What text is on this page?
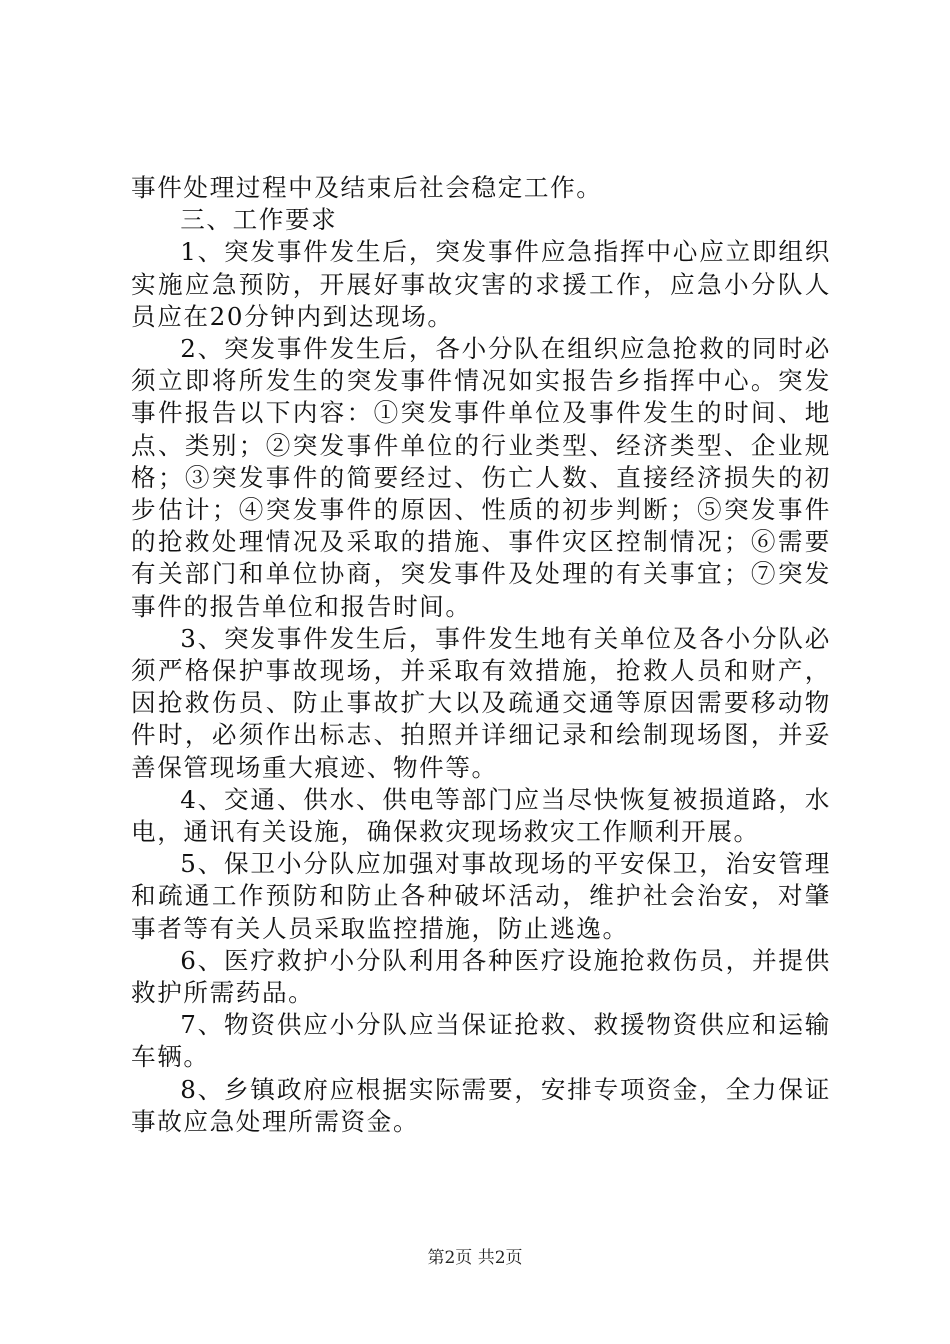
事件处理过程中及结束后社会稳定工作。

三、工作要求

1、突发事件发生后，突发事件应急指挥中心应立即组织实施应急预防，开展好事故灾害的求援工作，应急小分队人员应在20分钟内到达现场。

2、突发事件发生后，各小分队在组织应急抢救的同时必须立即将所发生的突发事件情况如实报告乡指挥中心。突发事件报告以下内容：①突发事件单位及事件发生的时间、地点、类别；②突发事件单位的行业类型、经济类型、企业规格；③突发事件的简要经过、伤亡人数、直接经济损失的初步估计；④突发事件的原因、性质的初步判断；⑤突发事件的抢救处理情况及采取的措施、事件灾区控制情况；⑥需要有关部门和单位协商，突发事件及处理的有关事宜；⑦突发事件的报告单位和报告时间。

3、突发事件发生后，事件发生地有关单位及各小分队必须严格保护事故现场，并采取有效措施，抢救人员和财产，因抢救伤员、防止事故扩大以及疏通交通等原因需要移动物件时，必须作出标志、拍照并详细记录和绘制现场图，并妥善保管现场重大痕迹、物件等。

4、交通、供水、供电等部门应当尽快恢复被损道路，水电，通讯有关设施，确保救灾现场救灾工作顺利开展。

5、保卫小分队应加强对事故现场的平安保卫，治安管理和疏通工作预防和防止各种破坏活动，维护社会治安，对肇事者等有关人员采取监控措施，防止逃逸。

6、医疗救护小分队利用各种医疗设施抢救伤员，并提供救护所需药品。

7、物资供应小分队应当保证抢救、救援物资供应和运输车辆。

8、乡镇政府应根据实际需要，安排专项资金，全力保证事故应急处理所需资金。

第2页 共2页
